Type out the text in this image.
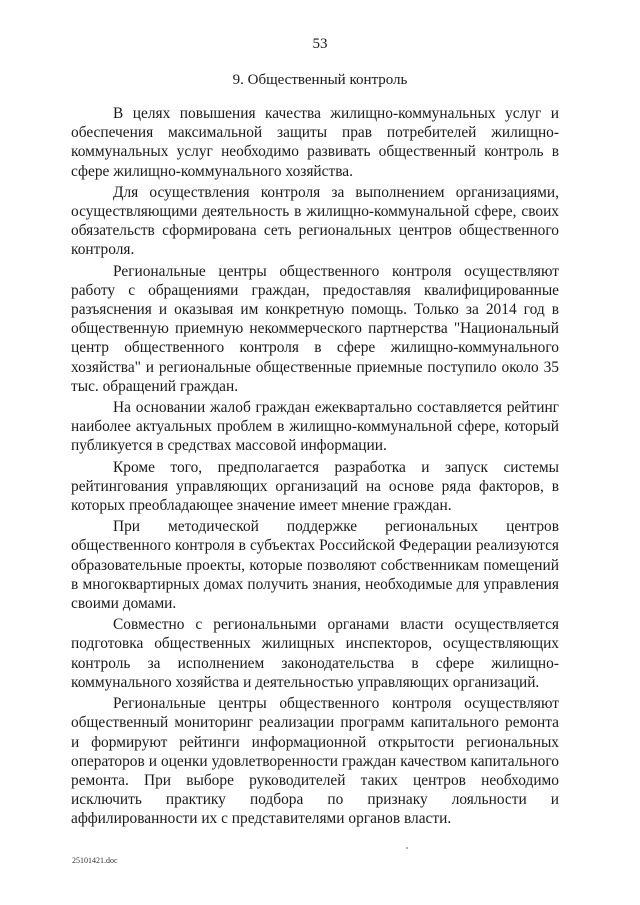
53
9. Общественный контроль

В целях повышения качества жилищно-коммунальных услуг и обеспечения максимальной защиты прав потребителей жилищно-коммунальных услуг необходимо развивать общественный контроль в сфере жилищно-коммунального хозяйства.

Для осуществления контроля за выполнением организациями, осуществляющими деятельность в жилищно-коммунальной сфере, своих обязательств сформирована сеть региональных центров общественного контроля.

Региональные центры общественного контроля осуществляют работу с обращениями граждан, предоставляя квалифицированные разъяснения и оказывая им конкретную помощь. Только за 2014 год в общественную приемную некоммерческого партнерства "Национальный центр общественного контроля в сфере жилищно-коммунального хозяйства" и региональные общественные приемные поступило около 35 тыс. обращений граждан.

На основании жалоб граждан ежеквартально составляется рейтинг наиболее актуальных проблем в жилищно-коммунальной сфере, который публикуется в средствах массовой информации.

Кроме того, предполагается разработка и запуск системы рейтингования управляющих организаций на основе ряда факторов, в которых преобладающее значение имеет мнение граждан.

При методической поддержке региональных центров общественного контроля в субъектах Российской Федерации реализуются образовательные проекты, которые позволяют собственникам помещений в многоквартирных домах получить знания, необходимые для управления своими домами.

Совместно с региональными органами власти осуществляется подготовка общественных жилищных инспекторов, осуществляющих контроль за исполнением законодательства в сфере жилищно-коммунального хозяйства и деятельностью управляющих организаций.

Региональные центры общественного контроля осуществляют общественный мониторинг реализации программ капитального ремонта и формируют рейтинги информационной открытости региональных операторов и оценки удовлетворенности граждан качеством капитального ремонта. При выборе руководителей таких центров необходимо исключить практику подбора по признаку лояльности и аффилированности их с представителями органов власти.

25101421.doc
